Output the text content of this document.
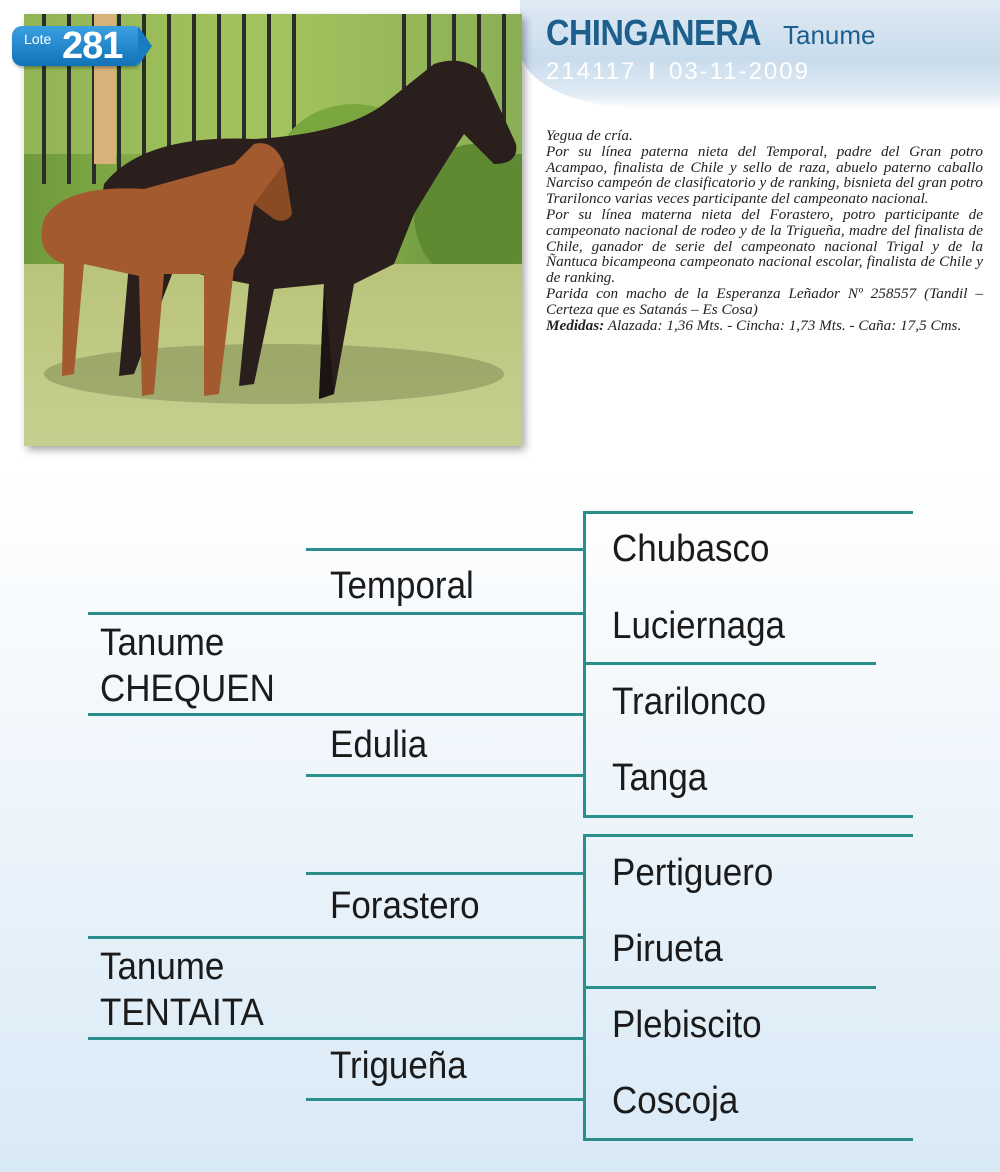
Lote 281	CHINGANERA Tanume
214117 I 03-11-2009

Yegua de cría.

Por su línea paterna nieta del Temporal, padre del Gran potro Acampao, finalista de Chile y sello de raza, abuelo paterno caballo Narciso campeón de clasificatorio y de ranking, bisnieta del gran potro Trarilonco varias veces participante del campeonato nacional.

Por su línea materna nieta del Forastero, potro participante de campeonato nacional de rodeo y de la Trigueña, madre del finalista de Chile, ganador de serie del campeonato nacional Trigal y de la Ñantuca bicampeona campeonato nacional escolar, finalista de Chile y de ranking.

Parida con macho de la Esperanza Leñador Nº 258557 (Tandil – Certeza que es Satanás – Es Cosa)

Medidas: Alazada: 1,36 Mts. - Cincha: 1,73 Mts. - Caña: 17,5 Cms.

Tanume
CHEQUEN
Temporal
Edulia
Chubasco
Luciernaga
Trarilonco
Tanga
Tanume
TENTAITA
Forastero
Trigueña
Pertiguero
Pirueta
Plebiscito
Coscoja
